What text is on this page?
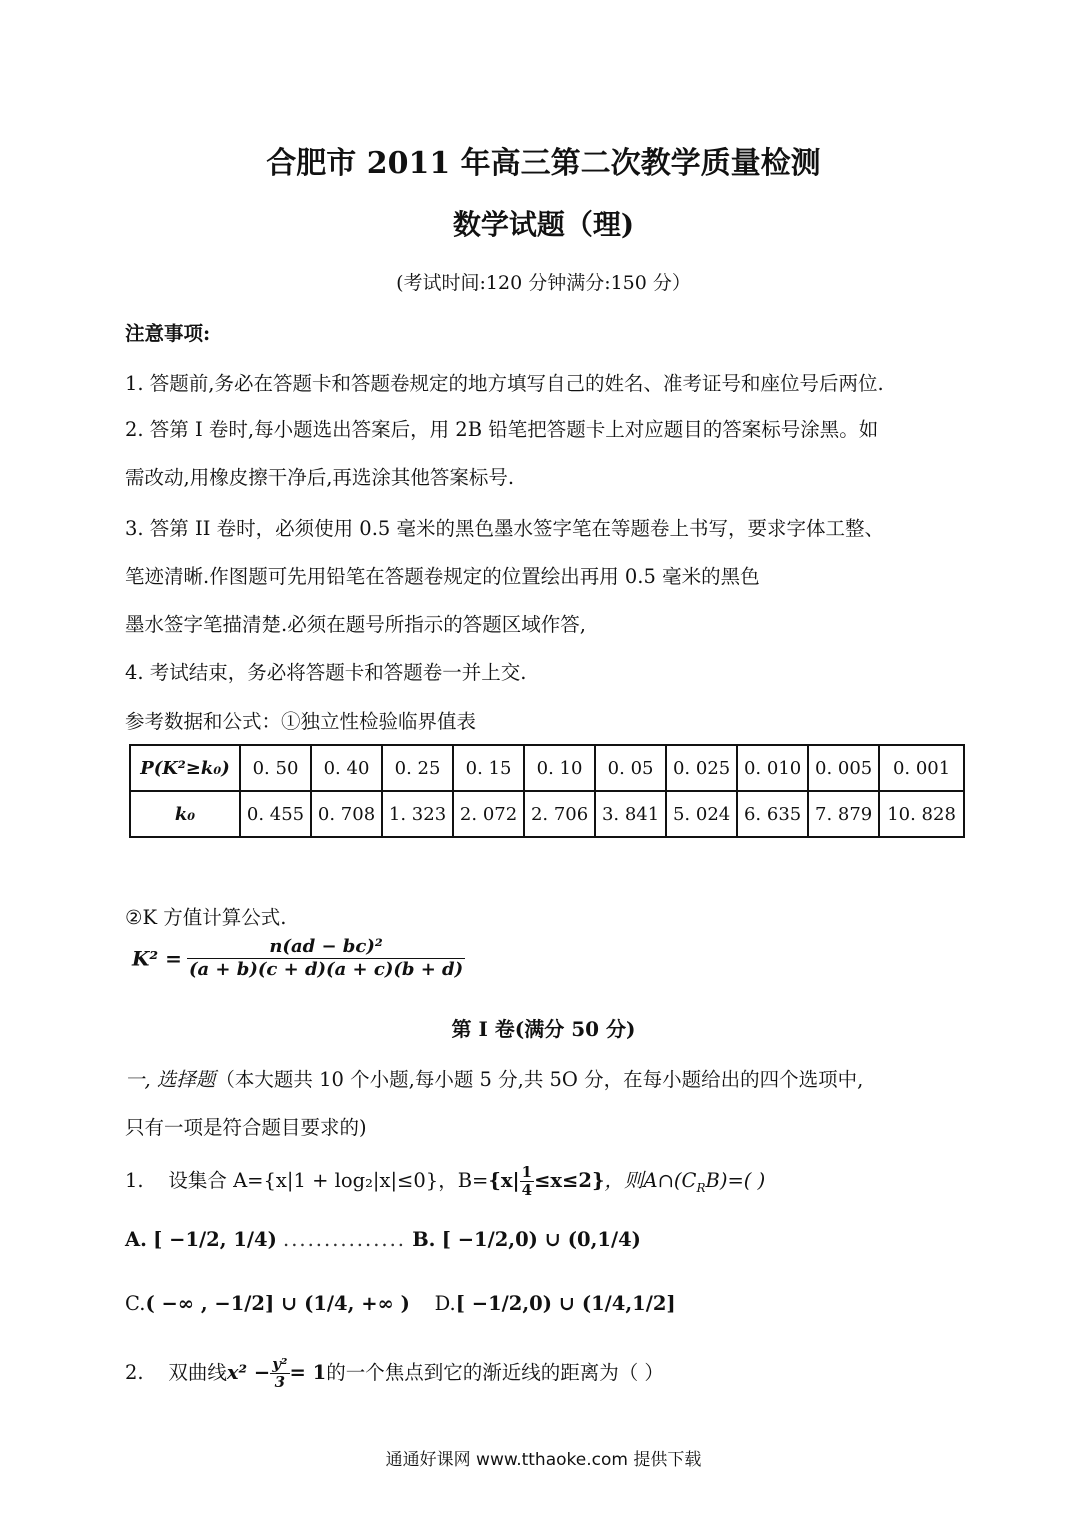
合肥市 2011 年高三第二次教学质量检测
数学试题（理)
(考试时间:120 分钟满分:150 分）
注意事项:
1. 答题前,务必在答题卡和答题卷规定的地方填写自己的姓名、准考证号和座位号后两位.
2. 答第 I 卷时,每小题选出答案后，用 2B 铅笔把答题卡上对应题目的答案标号涂黑。如
需改动,用橡皮擦干净后,再选涂其他答案标号.
3. 答第 II 卷时，必须使用 0.5 毫米的黑色墨水签字笔在等题卷上书写，要求字体工整、
笔迹清晰.作图题可先用铅笔在答题卷规定的位置绘出再用 0.5 毫米的黑色
墨水签字笔描清楚.必须在题号所指示的答题区域作答,
4. 考试结束，务必将答题卡和答题卷一并上交.
参考数据和公式：①独立性检验临界值表
P(K²≥k₀)	0. 50	0. 40	0. 25	0. 15	0. 10	0. 05	0. 025	0. 010	0. 005	0. 001
k₀	0. 455	0. 708	1. 323	2. 072	2. 706	3. 841	5. 024	6. 635	7. 879	10. 828
②K 方值计算公式.
$K^2 = \frac{\text{n(ad − bc)²}}{(a + b)(c + d)(a + c)(b + d)}$
第 I 卷(满分 50 分)
一, 选择题（本大题共 10 个小题,每小题 5 分,共 5O 分，在每小题给出的四个选项中,
只有一项是符合题目要求的)
1. 设集合 A={x|1 + log₂|x|≤0}，$B=\{x| \frac{1}{4} \le x\le 2\}$，则$A\cap(C_RB)=$( )
A. [ −1/2, 1/4) ............... B. [ −1/2,0) ∪ (0,1/4)
C.( −∞ , −1/2] ∪ (1/4, +∞ ) D.[ −1/2,0) ∪ (1/4,1/2]
2. 双曲线$x^2 - \frac{\text{y²}}{3} = 1$的一个焦点到它的渐近线的距离为（ ）
通通好课网 www.tthaoke.com 提供下载
